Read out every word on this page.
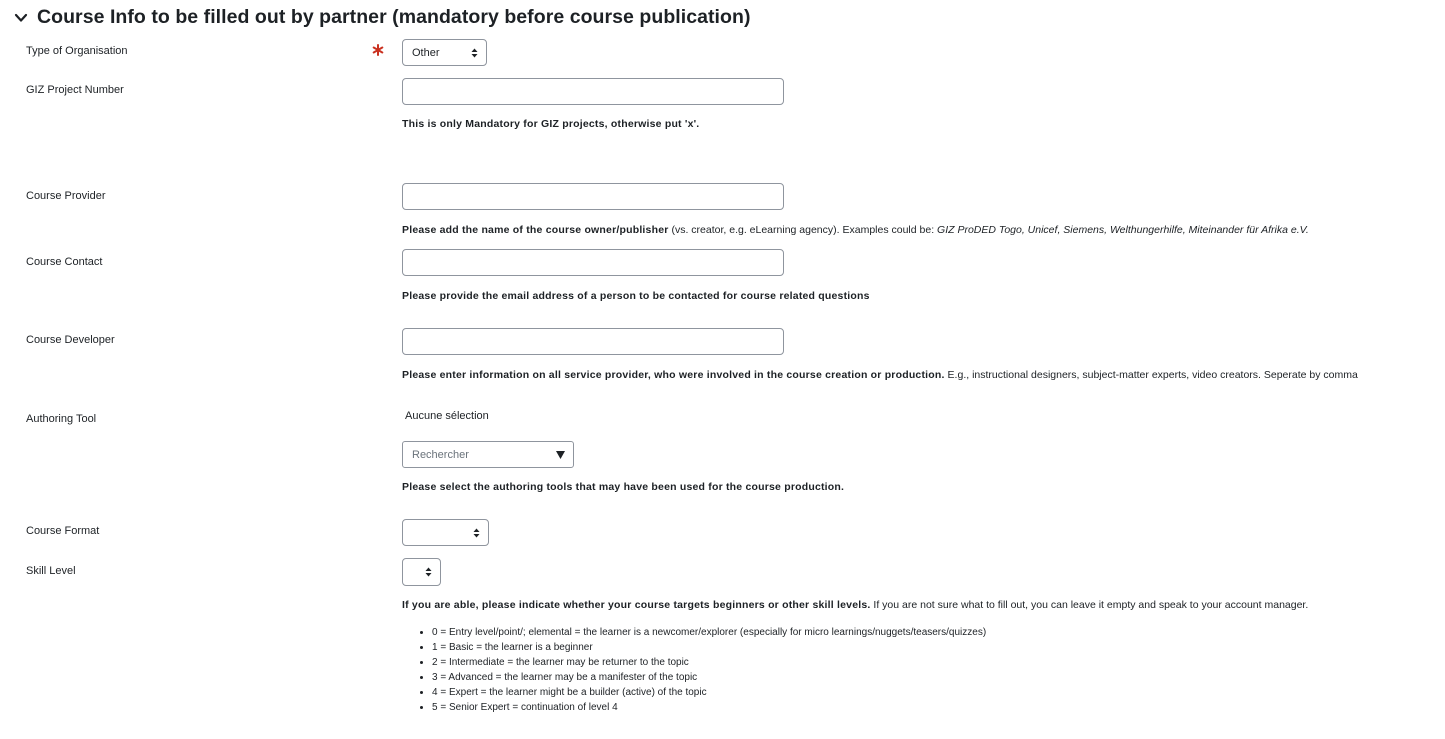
Course Info to be filled out by partner (mandatory before course publication)
Type of Organisation	Other
GIZ Project Number
This is only Mandatory for GIZ projects, otherwise put 'x'.
Course Provider
Please add the name of the course owner/publisher (vs. creator, e.g. eLearning agency). Examples could be: GIZ ProDED Togo, Unicef, Siemens, Welthungerhilfe, Miteinander für Afrika e.V.
Course Contact
Please provide the email address of a person to be contacted for course related questions
Course Developer
Please enter information on all service provider, who were involved in the course creation or production. E.g., instructional designers, subject-matter experts, video creators. Seperate by comma
Authoring Tool	Aucune sélection
Rechercher
Please select the authoring tools that may have been used for the course production.
Course Format
Skill Level
If you are able, please indicate whether your course targets beginners or other skill levels. If you are not sure what to fill out, you can leave it empty and speak to your account manager.
• 0 = Entry level/point/; elemental = the learner is a newcomer/explorer (especially for micro learnings/nuggets/teasers/quizzes)
• 1 = Basic = the learner is a beginner
• 2 = Intermediate = the learner may be returner to the topic
• 3 = Advanced = the learner may be a manifester of the topic
• 4 = Expert = the learner might be a builder (active) of the topic
• 5 = Senior Expert = continuation of level 4
